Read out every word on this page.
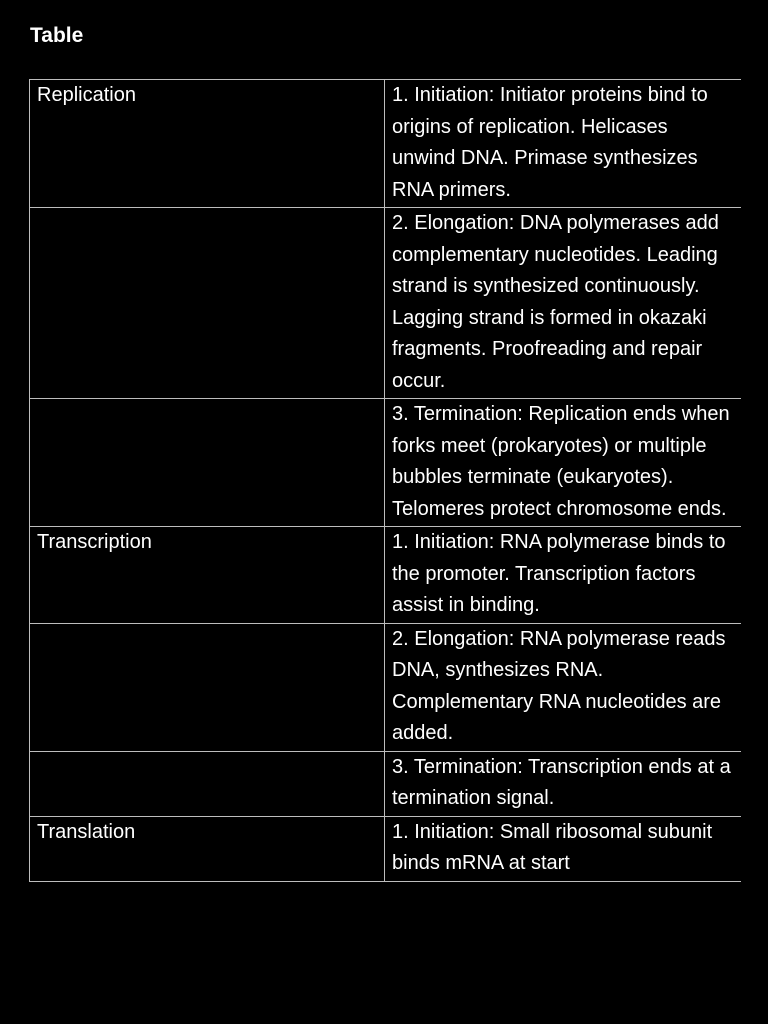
Table
Replication	1. Initiation: Initiator proteins bind to origins of replication. Helicases unwind DNA. Primase synthesizes RNA primers.
	2. Elongation: DNA polymerases add complementary nucleotides. Leading strand is synthesized continuously. Lagging strand is formed in okazaki fragments. Proofreading and repair occur.
	3. Termination: Replication ends when forks meet (prokaryotes) or multiple bubbles terminate (eukaryotes). Telomeres protect chromosome ends.
Transcription	1. Initiation: RNA polymerase binds to the promoter. Transcription factors assist in binding.
	2. Elongation: RNA polymerase reads DNA, synthesizes RNA. Complementary RNA nucleotides are added.
	3. Termination: Transcription ends at a termination signal.
Translation	1. Initiation: Small ribosomal subunit binds mRNA at start
